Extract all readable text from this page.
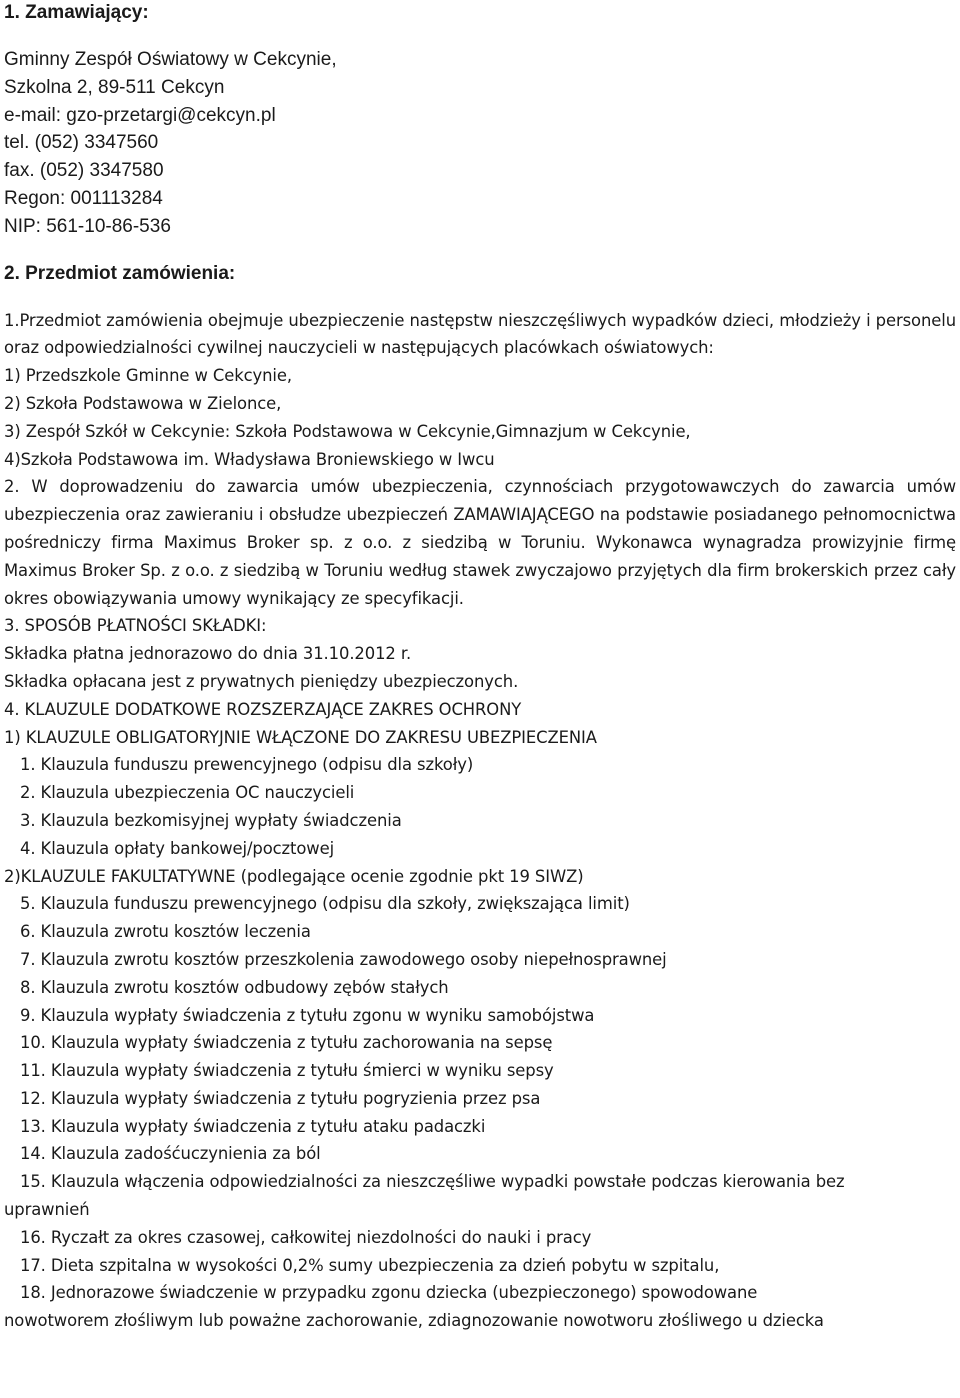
1. Zamawiający:
Gminny Zespół Oświatowy w Cekcynie,
Szkolna 2, 89-511 Cekcyn
e-mail: gzo-przetargi@cekcyn.pl
tel. (052) 3347560
fax. (052) 3347580
Regon: 001113284
NIP: 561-10-86-536
2. Przedmiot zamówienia:
1.Przedmiot zamówienia obejmuje ubezpieczenie następstw nieszczęśliwych wypadków dzieci, młodzieży i personelu oraz odpowiedzialności cywilnej nauczycieli w następujących placówkach oświatowych:
1) Przedszkole Gminne w Cekcynie,
2) Szkoła Podstawowa w Zielonce,
3) Zespół Szkół w Cekcynie: Szkoła Podstawowa w Cekcynie,Gimnazjum w Cekcynie,
4)Szkoła Podstawowa im. Władysława Broniewskiego w Iwcu
2. W doprowadzeniu do zawarcia umów ubezpieczenia, czynnościach przygotowawczych do zawarcia umów ubezpieczenia oraz zawieraniu i obsłudze ubezpieczeń ZAMAWIAJĄCEGO na podstawie posiadanego pełnomocnictwa pośredniczy firma Maximus Broker sp. z o.o. z siedzibą w Toruniu. Wykonawca wynagradza prowizyjnie firmę Maximus Broker Sp. z o.o. z siedzibą w Toruniu według stawek zwyczajowo przyjętych dla firm brokerskich przez cały okres obowiązywania umowy wynikający ze specyfikacji.
3. SPOSÓB PŁATNOŚCI SKŁADKI:
Składka płatna jednorazowo do dnia 31.10.2012 r.
Składka opłacana jest z prywatnych pieniędzy ubezpieczonych.
4. KLAUZULE DODATKOWE ROZSZERZAJĄCE ZAKRES OCHRONY
1) KLAUZULE OBLIGATORYJNIE WŁĄCZONE DO ZAKRESU UBEZPIECZENIA
1. Klauzula funduszu prewencyjnego (odpisu dla szkoły)
2. Klauzula ubezpieczenia OC nauczycieli
3. Klauzula bezkomisyjnej wypłaty świadczenia
4. Klauzula opłaty bankowej/pocztowej
2)KLAUZULE FAKULTATYWNE (podlegające ocenie zgodnie pkt 19 SIWZ)
5. Klauzula funduszu prewencyjnego (odpisu dla szkoły, zwiększająca limit)
6. Klauzula zwrotu kosztów leczenia
7. Klauzula zwrotu kosztów przeszkolenia zawodowego osoby niepełnosprawnej
8. Klauzula zwrotu kosztów odbudowy zębów stałych
9. Klauzula wypłaty świadczenia z tytułu zgonu w wyniku samobójstwa
10. Klauzula wypłaty świadczenia z tytułu zachorowania na sepsę
11. Klauzula wypłaty świadczenia z tytułu śmierci w wyniku sepsy
12. Klauzula wypłaty świadczenia z tytułu pogryzienia przez psa
13. Klauzula wypłaty świadczenia z tytułu ataku padaczki
14. Klauzula zadośćuczynienia za ból
15. Klauzula włączenia odpowiedzialności za nieszczęśliwe wypadki powstałe podczas kierowania bez
uprawnień
16. Ryczałt za okres czasowej, całkowitej niezdolności do nauki i pracy
17. Dieta szpitalna w wysokości 0,2% sumy ubezpieczenia za dzień pobytu w szpitalu,
18. Jednorazowe świadczenie w przypadku zgonu dziecka (ubezpieczonego) spowodowane
nowotworem złośliwym lub poważne zachorowanie, zdiagnozowanie nowotworu złośliwego u dziecka
